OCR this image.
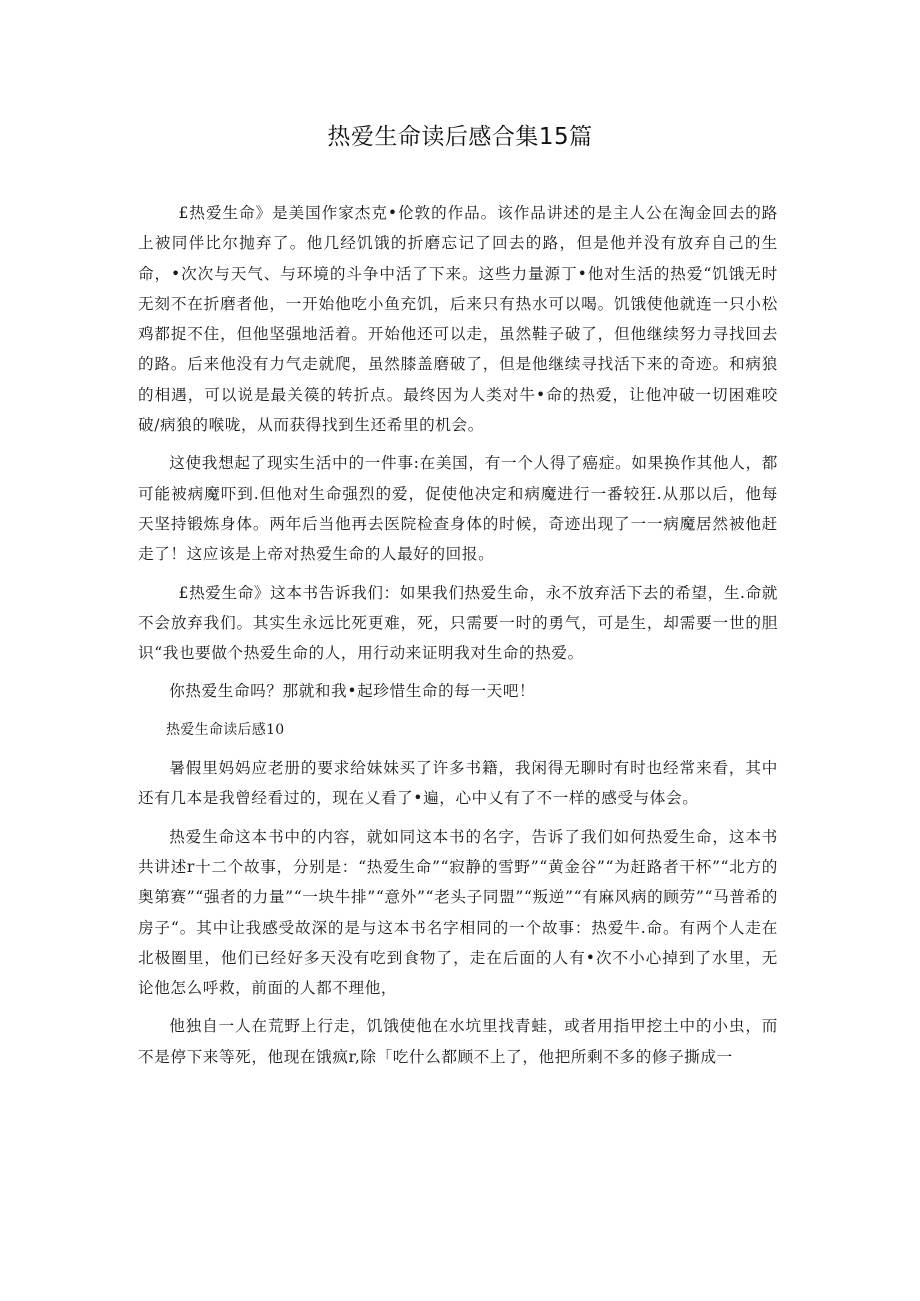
热爱生命读后感合集15篇

£热爱生命》是美国作家杰克•伦敦的作品。该作品讲述的是主人公在淘金回去的路上被同伴比尔抛弃了。他几经饥饿的折磨忘记了回去的路，但是他并没有放弃自己的生命，•次次与天气、与环境的斗争中活了下来。这些力量源丁•他对生活的热爱“饥饿无时无刻不在折磨者他，一开始他吃小鱼充饥，后来只有热水可以喝。饥饿使他就连一只小松鸡都捉不住，但他坚强地活着。开始他还可以走，虽然鞋子破了，但他继续努力寻找回去的路。后来他没有力气走就爬，虽然膝盖磨破了，但是他继续寻找活下来的奇迹。和病狼的相遇，可以说是最关篌的转折点。最终因为人类对牛•命的热爱，让他冲破一切困难咬破/病狼的喉咙，从而获得找到生还希里的机会。

这使我想起了现实生活中的一件事:在美国，有一个人得了癌症。如果换作其他人，都可能被病魔吓到.但他对生命强烈的爱，促使他决定和病魔进行一番较狂.从那以后，他每天坚持锻炼身体。两年后当他再去医院检查身体的时候，奇迹出现了一一病魔居然被他赶走了！这应该是上帝对热爱生命的人最好的回报。

£热爱生命》这本书告诉我们：如果我们热爱生命，永不放弃活下去的希望，生.命就不会放弃我们。其实生永远比死更难，死，只需要一时的勇气，可是生，却需要一世的胆识“我也要做个热爱生命的人，用行动来证明我对生命的热爱。

你热爱生命吗？那就和我•起珍惜生命的每一天吧！

热爱生命读后感10

暑假里妈妈应老册的要求给妹妹买了许多书籍，我闲得无聊时有时也经常来看，其中还有几本是我曾经看过的，现在乂看了•遍，心中乂有了不一样的感受与体会。

热爱生命这本书中的内容，就如同这本书的名字，告诉了我们如何热爱生命，这本书共讲述r十二个故事，分别是：“热爱生命”“寂静的雪野”“黄金谷”“为赶路者干杯”“北方的奥第赛”“强者的力量”“一块牛排”“意外”“老头子同盟”“叛逆”“有麻风病的顾劳”“马普希的房子“。其中让我感受故深的是与这本书名字相同的一个故事：热爱牛.命。有两个人走在北极圈里，他们已经好多天没有吃到食物了，走在后面的人有•次不小心掉到了水里，无论他怎么呼救，前面的人都不理他，

他独自一人在荒野上行走，饥饿使他在水坑里找青蛙，或者用指甲挖土中的小虫，而不是停下来等死，他现在饿疯r,除「吃什么都顾不上了，他把所剩不多的修子撕成一
